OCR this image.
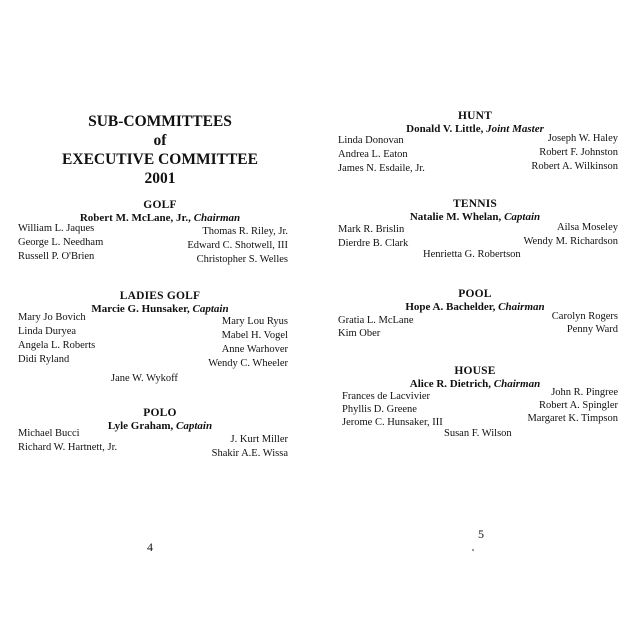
SUB-COMMITTEES
of
EXECUTIVE COMMITTEE
2001
GOLF
Robert M. McLane, Jr., Chairman
William L. Jaques
George L. Needham
Russell P. O'Brien
Thomas R. Riley, Jr.
Edward C. Shotwell, III
Christopher S. Welles
LADIES GOLF
Marcie G. Hunsaker, Captain
Mary Jo Bovich
Linda Duryea
Angela L. Roberts
Didi Ryland
Mary Lou Ryus
Mabel H. Vogel
Anne Warhover
Wendy C. Wheeler
Jane W. Wykoff
POLO
Lyle Graham, Captain
Michael Bucci
Richard W. Hartnett, Jr.
J. Kurt Miller
Shakir A.E. Wissa
4
HUNT
Donald V. Little, Joint Master
Linda Donovan
Andrea L. Eaton
James N. Esdaile, Jr.
Joseph W. Haley
Robert F. Johnston
Robert A. Wilkinson
TENNIS
Natalie M. Whelan, Captain
Mark R. Brislin
Dierdre B. Clark
Ailsa Moseley
Wendy M. Richardson
Henrietta G. Robertson
POOL
Hope A. Bachelder, Chairman
Gratia L. McLane
Kim Ober
Carolyn Rogers
Penny Ward
HOUSE
Alice R. Dietrich, Chairman
Frances de Lacvivier
Phyllis D. Greene
Jerome C. Hunsaker, III
John R. Pingree
Robert A. Spingler
Margaret K. Timpson
Susan F. Wilson
5
